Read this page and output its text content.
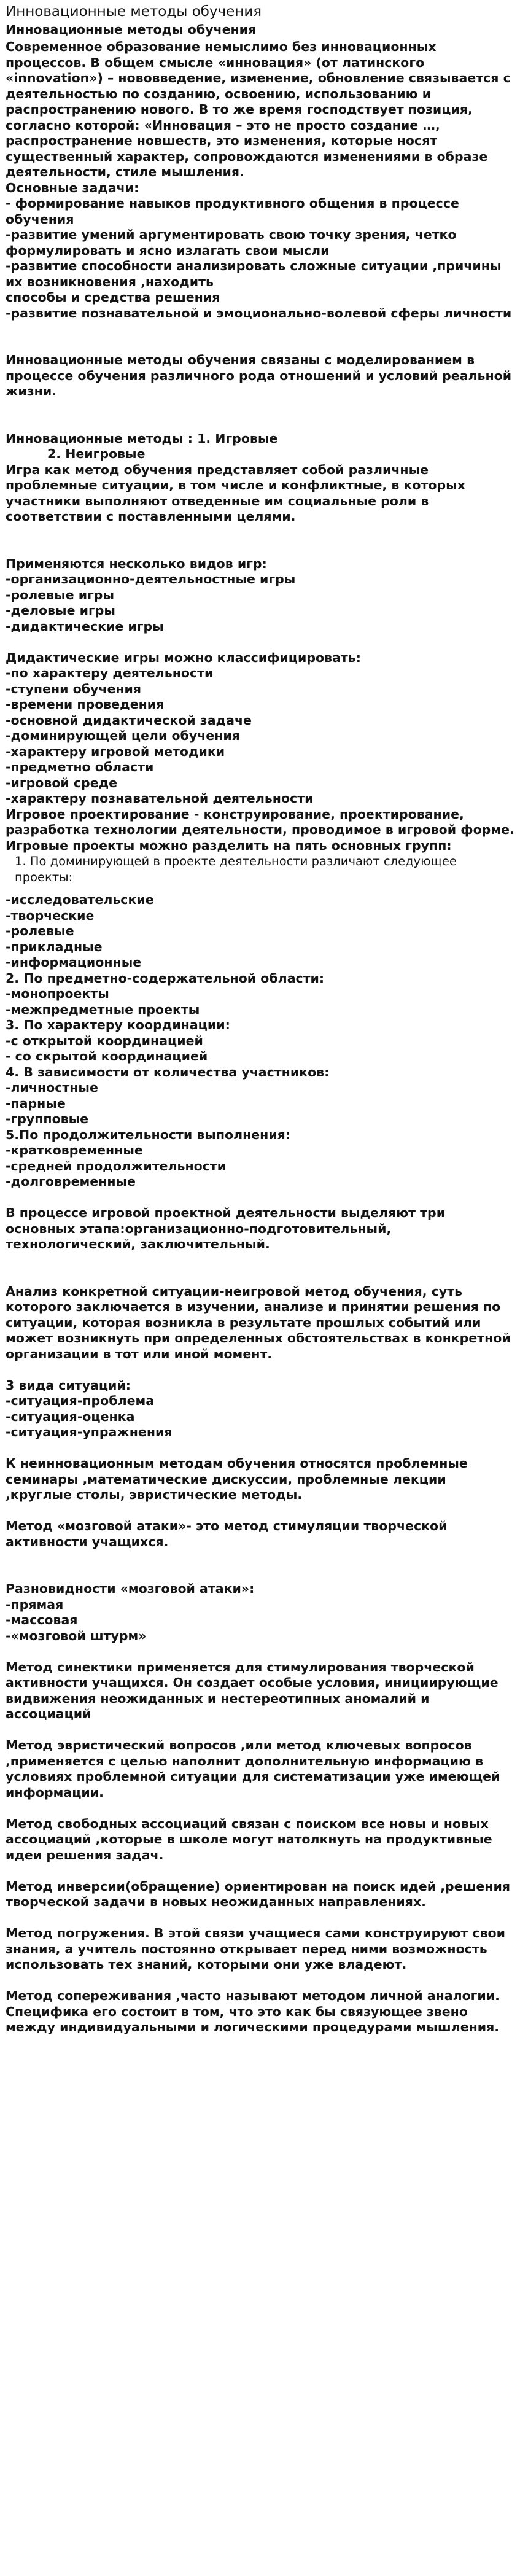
Инновационные методы обучения
Инновационные методы обучения

Современное образование немыслимо без инновационных процессов. В общем смысле «инновация» (от латинского «innovation») – нововведение, изменение, обновление связывается с деятельностью по созданию, освоению, использованию и распространению нового. В то же время господствует позиция, согласно которой: «Инновация – это не просто создание …, распространение новшеств, это изменения, которые носят существенный характер, сопровождаются изменениями в образе деятельности, стиле мышления.

Основные задачи:

- формирование навыков продуктивного общения в процессе обучения

-развитие умений аргументировать свою точку зрения, четко формулировать и ясно излагать свои мысли

-развитие способности анализировать сложные ситуации ,причины их возникновения ,находить

способы и средства решения

-развитие познавательной и эмоционально-волевой сферы личности

Инновационные методы обучения связаны с моделированием в процессе обучения различного рода отношений и условий реальной жизни.

Инновационные методы : 1. Игровые

2. Неигровые

Игра как метод обучения представляет собой различные проблемные ситуации, в том числе и конфликтные, в которых участники выполняют отведенные им социальные роли в соответствии с поставленными целями.

Применяются несколько видов игр:

-организационно-деятельностные игры

-ролевые игры

-деловые игры

-дидактические игры

Дидактические игры можно классифицировать:

-по характеру деятельности

-ступени обучения

-времени проведения

-основной дидактической задаче

-доминирующей цели обучения

-характеру игровой методики

-предметно области

-игровой среде

-характеру познавательной деятельности

Игровое проектирование - конструирование, проектирование, разработка технологии деятельности, проводимое в игровой форме.

Игровые проекты можно разделить на пять основных групп:

1. По доминирующей в проекте деятельности различают следующее проекты:

-исследовательские

-творческие

-ролевые

-прикладные

-информационные

2. По предметно-содержательной области:

-монопроекты

-межпредметные проекты

3. По характеру координации:

-с открытой координацией

- со скрытой координацией

4. В зависимости от количества участников:

-личностные

-парные

-групповые

5.По продолжительности выполнения:

-кратковременные

-средней продолжительности

-долговременные

В процессе игровой проектной деятельности выделяют три основных этапа:организационно-подготовительный, технологический, заключительный.

Анализ конкретной ситуации-неигровой метод обучения, суть которого заключается в изучении, анализе и принятии решения по ситуации, которая возникла в результате прошлых событий или может возникнуть при определенных обстоятельствах в конкретной организации в тот или иной момент.

3 вида ситуаций:

-ситуация-проблема

-ситуация-оценка

-ситуация-упражнения

К неинновационным методам обучения относятся проблемные семинары ,математические дискуссии, проблемные лекции ,круглые столы, эвристические методы.

Метод «мозговой атаки»- это метод стимуляции творческой активности учащихся.

Разновидности «мозговой атаки»:

-прямая

-массовая

-«мозговой штурм»

Метод синектики применяется для стимулирования творческой активности учащихся. Он создает особые условия, инициирующие видвижения неожиданных и нестереотипных аномалий и ассоциаций

Метод эвристический вопросов ,или метод ключевых вопросов ,применяется с целью наполнит дополнительную информацию в условиях проблемной ситуации для систематизации уже имеющей информации.

Метод свободных ассоциаций связан с поиском все новы и новых ассоциаций ,которые в школе могут натолкнуть на продуктивные идеи решения задач.

Метод инверсии(обращение) ориентирован на поиск идей ,решения творческой задачи в новых неожиданных направлениях.

Метод погружения. В этой связи учащиеся сами конструируют свои знания, а учитель постоянно открывает перед ними возможность использовать тех знаний, которыми они уже владеют.

Метод сопереживания ,часто называют методом личной аналогии. Специфика его состоит в том, что это как бы связующее звено между индивидуальными и логическими процедурами мышления.
